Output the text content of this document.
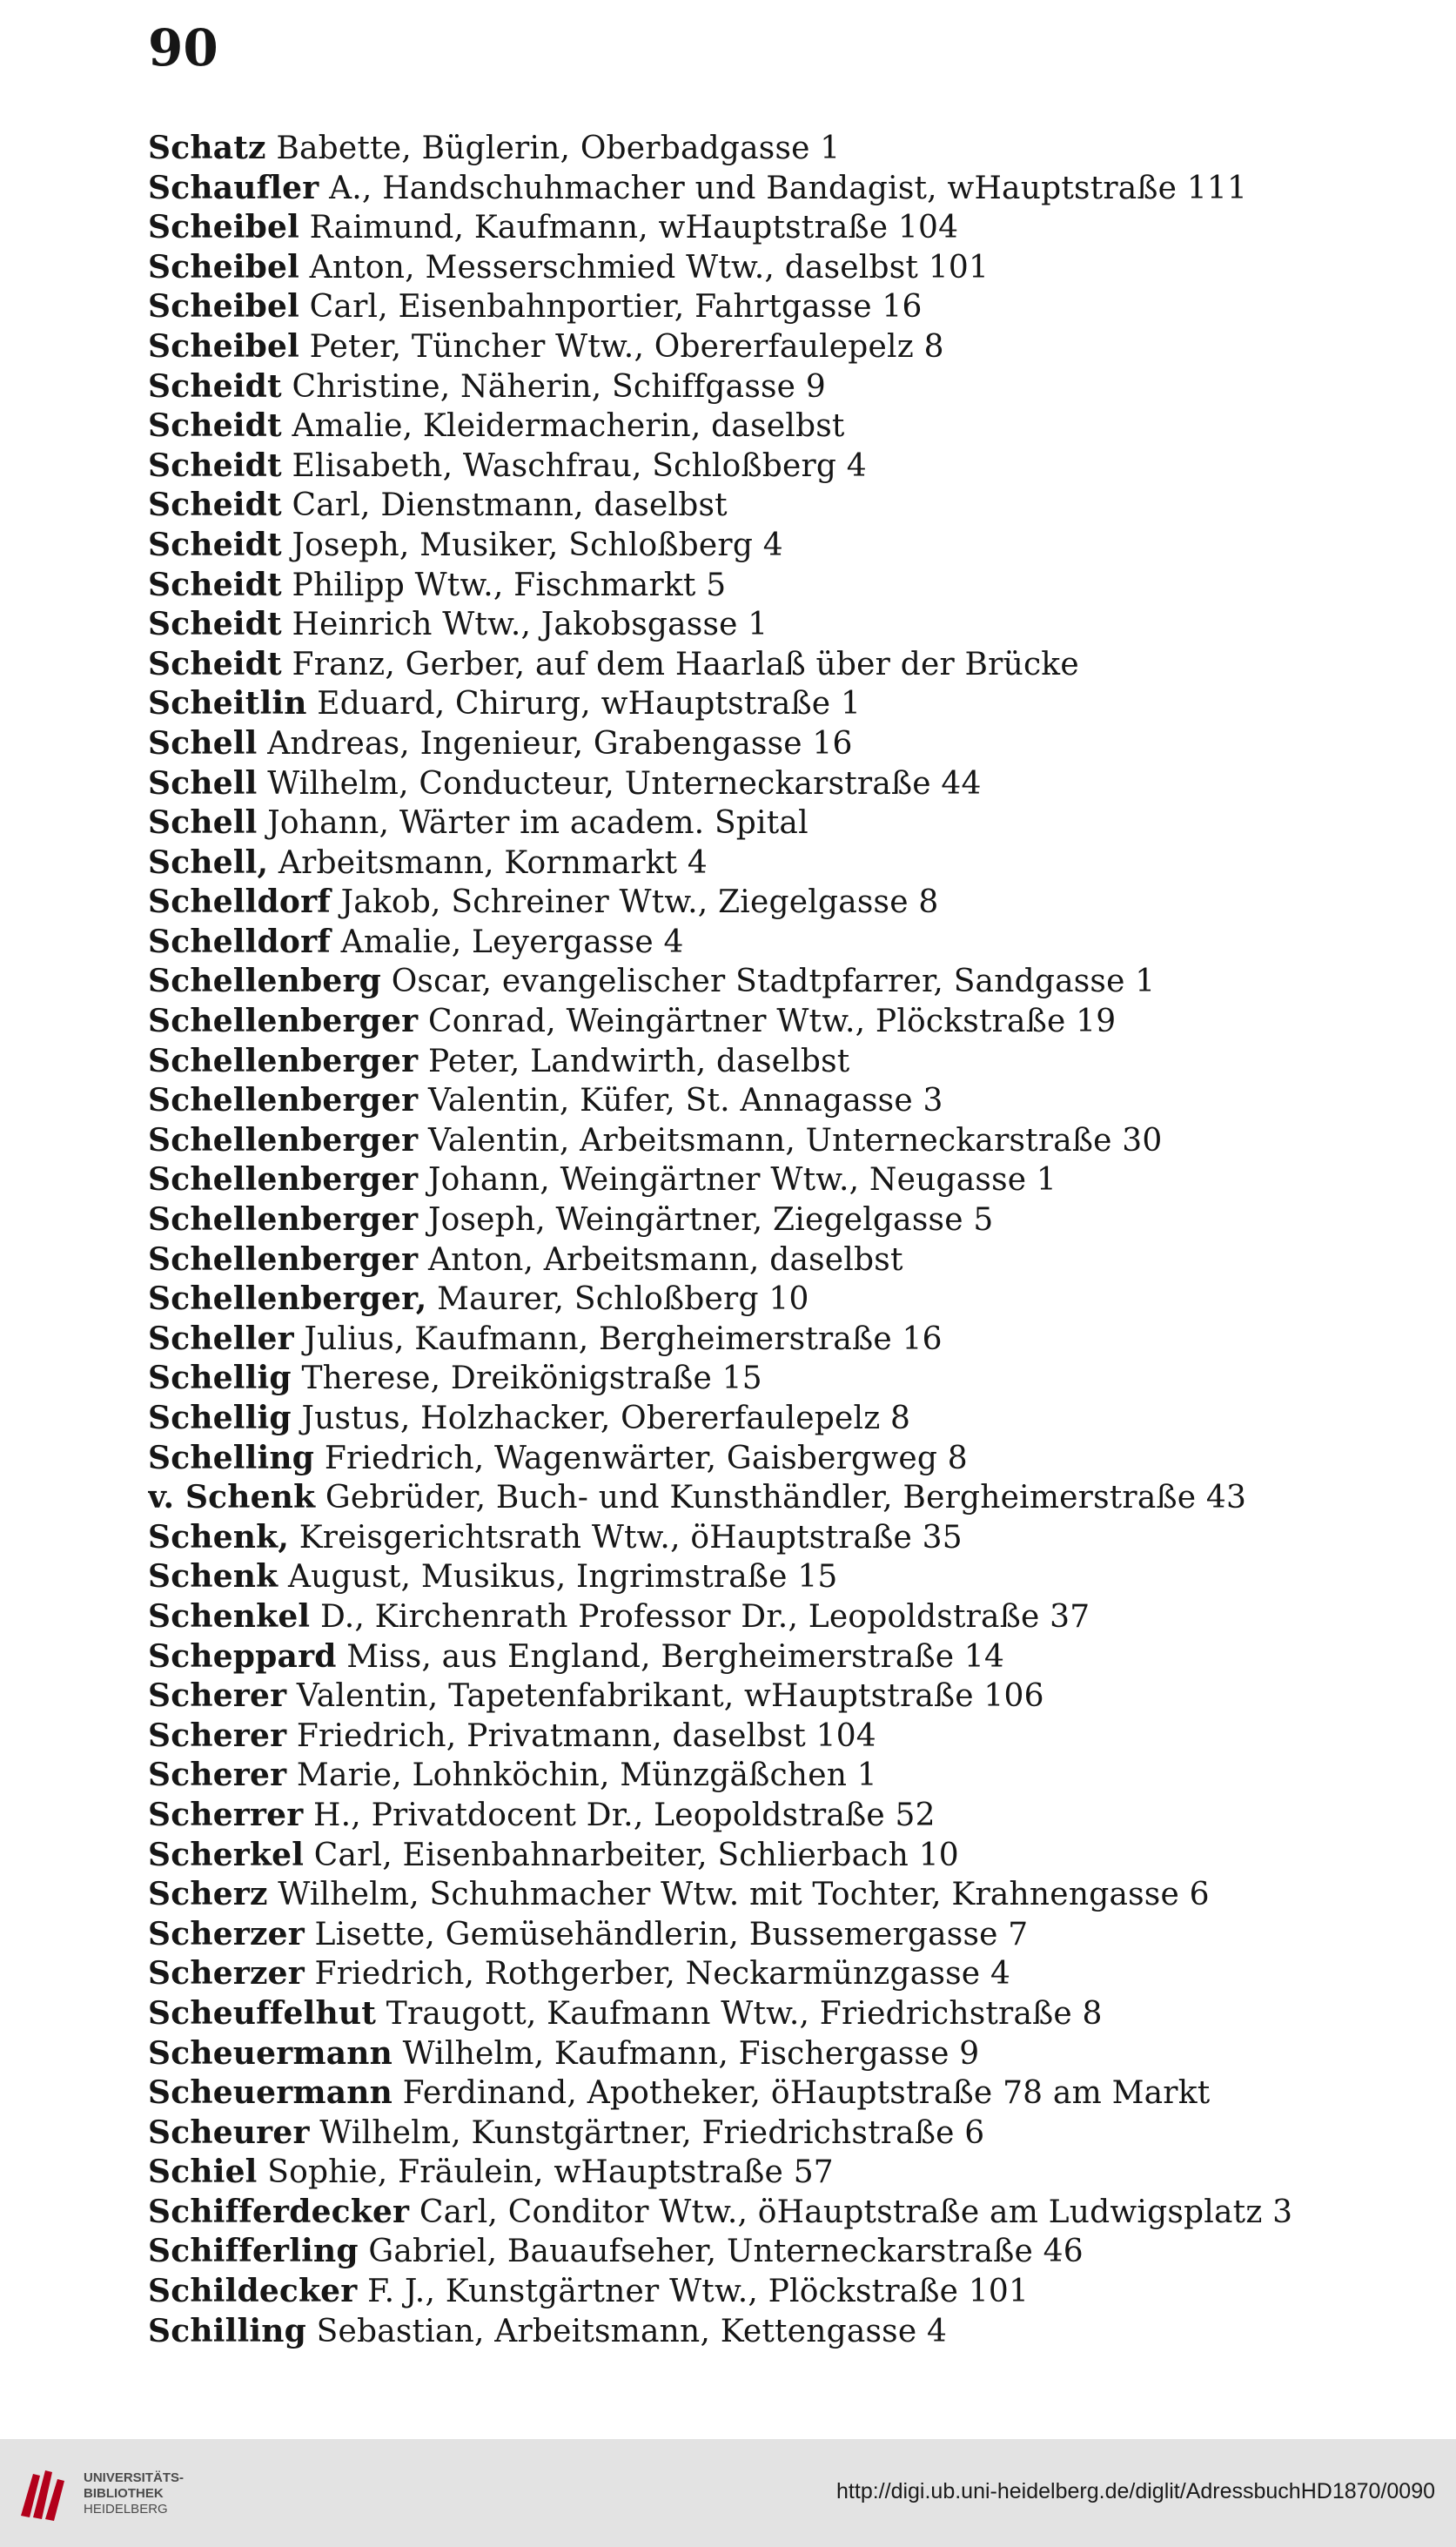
90
Schatz Babette, Büglerin, Oberbadgasse 1
Schaufler A., Handschuhmacher und Bandagist, wHauptstraße 111
Scheibel Raimund, Kaufmann, wHauptstraße 104
Scheibel Anton, Messerschmied Wtw., daselbst 101
Scheibel Carl, Eisenbahnportier, Fahrtgasse 16
Scheibel Peter, Tüncher Wtw., Obererfaulepelz 8
Scheidt Christine, Näherin, Schiffgasse 9
Scheidt Amalie, Kleidermacherin, daselbst
Scheidt Elisabeth, Waschfrau, Schloßberg 4
Scheidt Carl, Dienstmann, daselbst
Scheidt Joseph, Musiker, Schloßberg 4
Scheidt Philipp Wtw., Fischmarkt 5
Scheidt Heinrich Wtw., Jakobsgasse 1
Scheidt Franz, Gerber, auf dem Haarlaß über der Brücke
Scheitlin Eduard, Chirurg, wHauptstraße 1
Schell Andreas, Ingenieur, Grabengasse 16
Schell Wilhelm, Conducteur, Unterneckarstraße 44
Schell Johann, Wärter im academ. Spital
Schell, Arbeitsmann, Kornmarkt 4
Schelldorf Jakob, Schreiner Wtw., Ziegelgasse 8
Schelldorf Amalie, Leyergasse 4
Schellenberg Oscar, evangelischer Stadtpfarrer, Sandgasse 1
Schellenberger Conrad, Weingärtner Wtw., Plöckstraße 19
Schellenberger Peter, Landwirth, daselbst
Schellenberger Valentin, Küfer, St. Annagasse 3
Schellenberger Valentin, Arbeitsmann, Unterneckarstraße 30
Schellenberger Johann, Weingärtner Wtw., Neugasse 1
Schellenberger Joseph, Weingärtner, Ziegelgasse 5
Schellenberger Anton, Arbeitsmann, daselbst
Schellenberger, Maurer, Schloßberg 10
Scheller Julius, Kaufmann, Bergheimerstraße 16
Schellig Therese, Dreikönigstraße 15
Schellig Justus, Holzhacker, Obererfaulepelz 8
Schelling Friedrich, Wagenwärter, Gaisbergweg 8
v. Schenk Gebrüder, Buch- und Kunsthändler, Bergheimerstraße 43
Schenk, Kreisgerichtsrath Wtw., öHauptstraße 35
Schenk August, Musikus, Ingrimstraße 15
Schenkel D., Kirchenrath Professor Dr., Leopoldstraße 37
Scheppard Miss, aus England, Bergheimerstraße 14
Scherer Valentin, Tapetenfabrikant, wHauptstraße 106
Scherer Friedrich, Privatmann, daselbst 104
Scherer Marie, Lohnköchin, Münzgäßchen 1
Scherrer H., Privatdocent Dr., Leopoldstraße 52
Scherkel Carl, Eisenbahnarbeiter, Schlierbach 10
Scherz Wilhelm, Schuhmacher Wtw. mit Tochter, Krahnengasse 6
Scherzer Lisette, Gemüsehändlerin, Bussemergasse 7
Scherzer Friedrich, Rothgerber, Neckarmünzgasse 4
Scheuffelhut Traugott, Kaufmann Wtw., Friedrichstraße 8
Scheuermann Wilhelm, Kaufmann, Fischergasse 9
Scheuermann Ferdinand, Apotheker, öHauptstraße 78 am Markt
Scheurer Wilhelm, Kunstgärtner, Friedrichstraße 6
Schiel Sophie, Fräulein, wHauptstraße 57
Schifferdecker Carl, Conditor Wtw., öHauptstraße am Ludwigsplatz 3
Schifferling Gabriel, Bauaufseher, Unterneckarstraße 46
Schildecker F. J., Kunstgärtner Wtw., Plöckstraße 101
Schilling Sebastian, Arbeitsmann, Kettengasse 4
UNIVERSITÄTS-
BIBLIOTHEK
HEIDELBERG
http://digi.ub.uni-heidelberg.de/diglit/AdressbuchHD1870/0090
